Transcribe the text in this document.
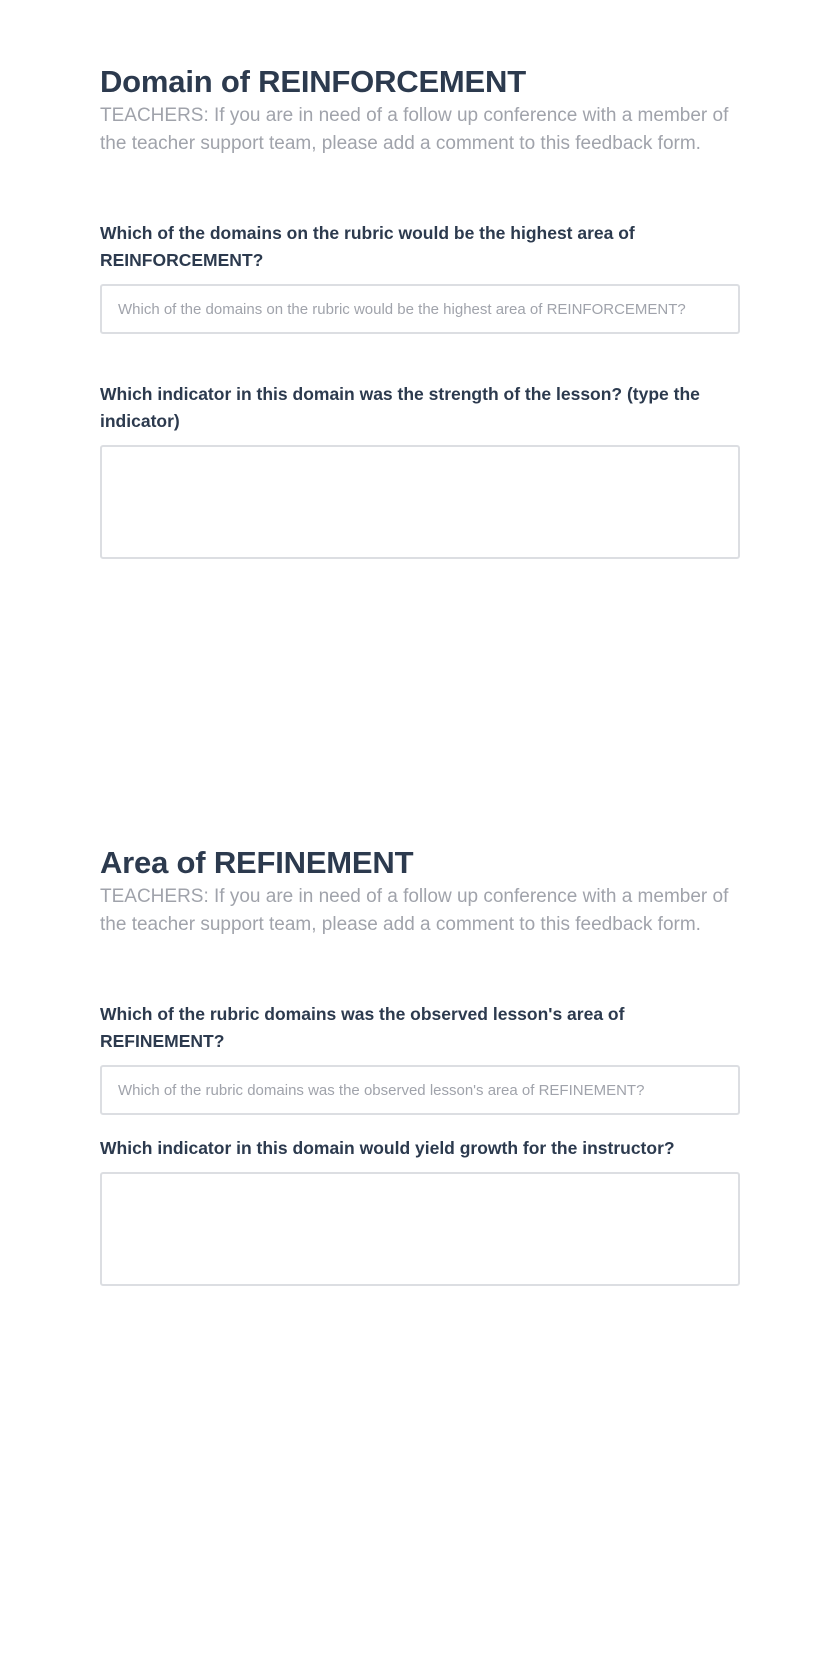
Domain of REINFORCEMENT

TEACHERS: If you are in need of a follow up conference with a member of the teacher support team, please add a comment to this feedback form.

Which of the domains on the rubric would be the highest area of REINFORCEMENT?
Which of the domains on the rubric would be the highest area of REINFORCEMENT?
Which indicator in this domain was the strength of the lesson? (type the indicator)
Area of REFINEMENT

TEACHERS: If you are in need of a follow up conference with a member of the teacher support team, please add a comment to this feedback form.

Which of the rubric domains was the observed lesson's area of REFINEMENT?
Which of the rubric domains was the observed lesson's area of REFINEMENT?
Which indicator in this domain would yield growth for the instructor?
